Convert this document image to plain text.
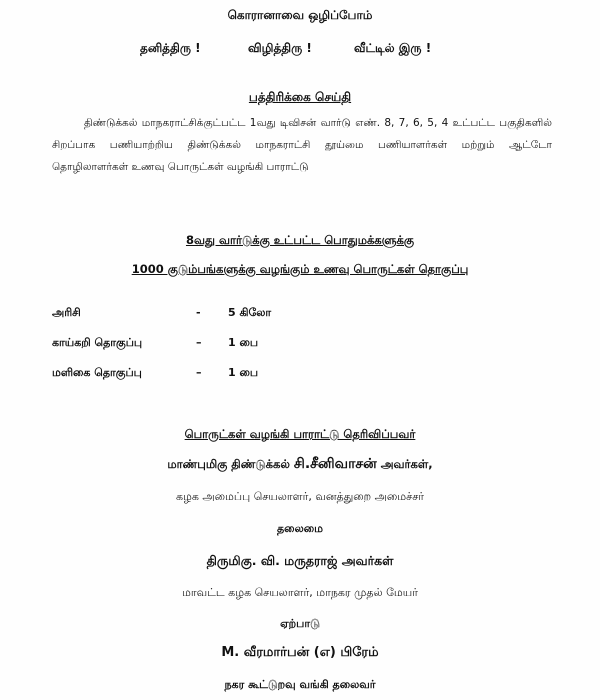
கொரானாவை ஒழிப்போம்
தனித்திரு !	விழித்திரு !	வீட்டில் இரு !
பத்திரிக்கை செய்தி
திண்டுக்கல் மாநகராட்சிக்குட்பட்ட 1வது டிவிசன் வார்டு எண். 8, 7, 6, 5, 4 உட்பட்ட பகுதிகளில் சிறப்பாக பணியாற்றிய திண்டுக்கல் மாநகராட்சி தூய்மை பணியாளர்கள் மற்றும் ஆட்டோ தொழிலாளர்கள் உணவு பொருட்கள் வழங்கி பாராட்டு
8வது வார்டுக்கு உட்பட்ட பொதுமக்களுக்கு
1000 குடும்பங்களுக்கு வழங்கும் உணவு பொருட்கள் தொகுப்பு
அரிசி	- 5 கிலோ
காய்கறி தொகுப்பு	– 1 பை
மளிகை தொகுப்பு	– 1 பை
பொருட்கள் வழங்கி பாராட்டு தெரிவிப்பவர்
மாண்புமிகு திண்டுக்கல் சி.சீனிவாசன் அவர்கள்,
கழக அமைப்பு செயலாளர், வனத்துறை அமைச்சர்
தலைமை
திருமிகு. வி. மருதராஜ் அவர்கள்
மாவட்ட கழக செயலாளர், மாநகர முதல் மேயர்
ஏற்பாடு
M. வீரமார்பன் (எ) பிரேம்
நகர கூட்டுறவு வங்கி தலைவர்
